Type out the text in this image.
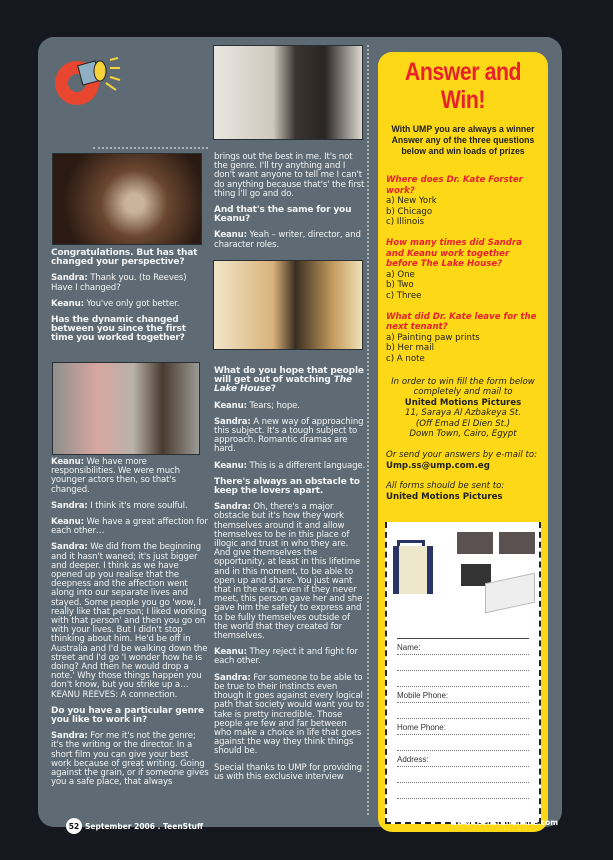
Congratulations. But has that changed your perspective?

Sandra: Thank you. (to Reeves) Have I changed?

Keanu: You've only got better.

Has the dynamic changed between you since the first time you worked together?

Keanu: We have more responsibilities. We were much younger actors then, so that's changed.

Sandra: I think it's more soulful.

Keanu: We have a great affection for each other…

Sandra: We did from the beginning and it hasn't waned; it's just bigger and deeper. I think as we have opened up you realise that the deepness and the affection went along into our separate lives and stayed. Some people you go 'wow, I really like that person; I liked working with that person' and then you go on with your lives. But I didn't stop thinking about him. He'd be off in Australia and I'd be walking down the street and I'd go 'I wonder how he is doing? And then he would drop a note.' Why those things happen you don't know, but you strike up a…
KEANU REEVES: A connection.

Do you have a particular genre you like to work in?

Sandra: For me it's not the genre; it's the writing or the director. In a short film you can give your best work because of great writing. Going against the grain, or if someone gives you a safe place, that always

brings out the best in me. It's not the genre. I'll try anything and I don't want anyone to tell me I can't do anything because that's' the first thing I'll go and do.

And that's the same for you Keanu?

Keanu: Yeah – writer, director, and character roles.

What do you hope that people will get out of watching The Lake House?

Keanu: Tears; hope.

Sandra: A new way of approaching this subject. It's a tough subject to approach. Romantic dramas are hard.

Keanu: This is a different language.

There's always an obstacle to keep the lovers apart.

Sandra: Oh, there's a major obstacle but it's how they work themselves around it and allow themselves to be in this place of illogic and trust in who they are. And give themselves the opportunity, at least in this lifetime and in this moment, to be able to open up and share. You just want that in the end, even if they never meet, this person gave her and she gave him the safety to express and to be fully themselves outside of the world that they created for themselves.

Keanu: They reject it and fight for each other.

Sandra: For someone to be able to be true to their instincts even though it goes against every logical path that society would want you to take is pretty incredible. Those people are few and far between who make a choice in life that goes against the way they think things should be.

Special thanks to UMP for providing us with this exclusive interview

Answer and
Win!
With UMP you are always a winner
Answer any of the three questions
below and win loads of prizes
Where does Dr. Kate Forster work?
a) New York
b) Chicago
c) Illinois
How many times did Sandra and Keanu work together before The Lake House?
a) One
b) Two
c) Three
What did Dr. Kate leave for the next tenant?
a) Painting paw prints
b) Her mail
c) A note
In order to win fill the form below completely and mail to
United Motions Pictures
11, Saraya Al Azbakeya St.
(Off Emad El Dien St.)
Down Town, Cairo, Egypt
Or send your answers by e-mail to:
Ump.ss@ump.com.eg
All forms should be sent to:
United Motions Pictures
Name:
Mobile Phone:
Home Phone:
Address:
52 September 2006 . TeenStuff	www.teenstuffonline.com
